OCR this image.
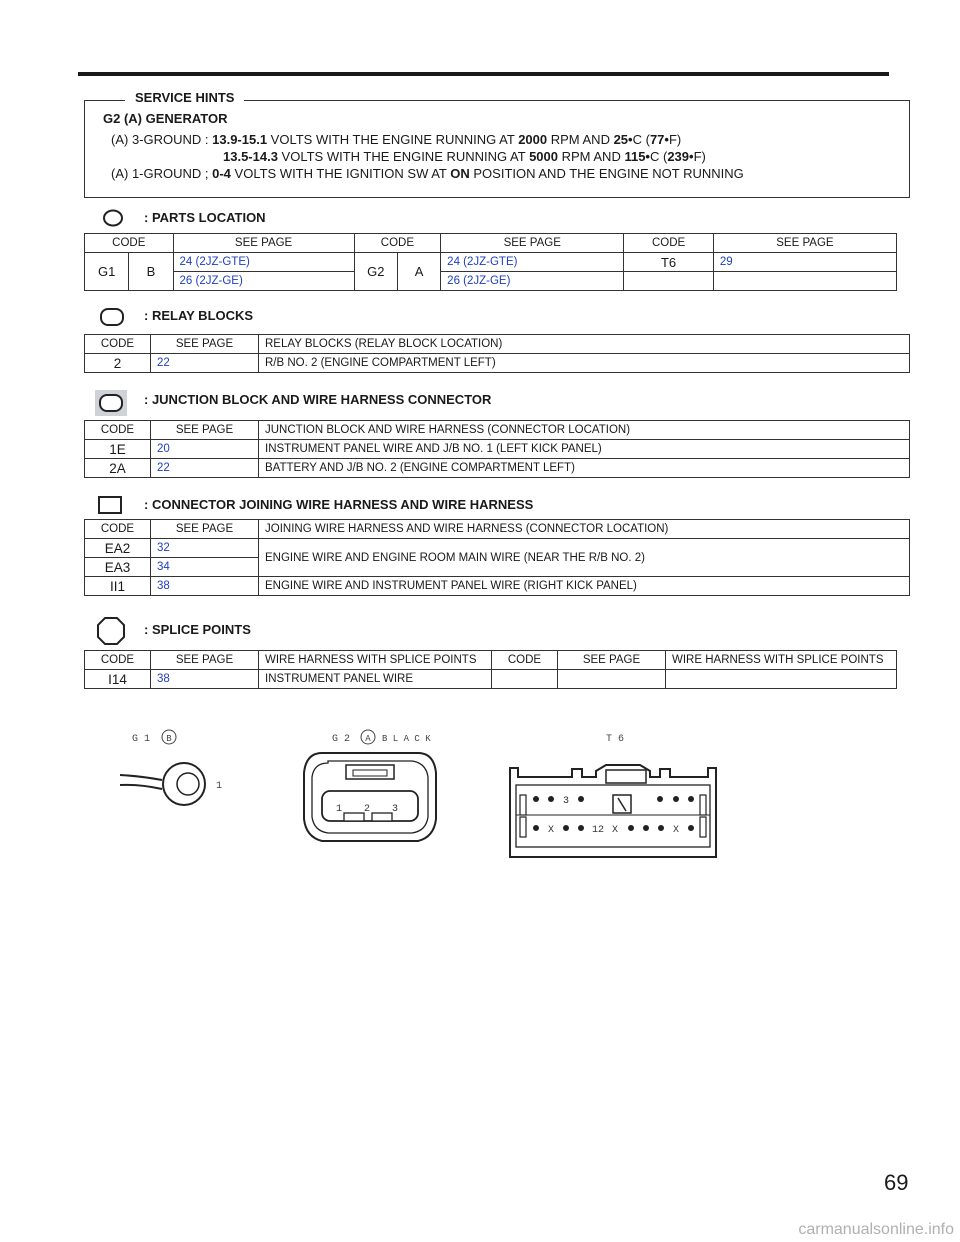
G2 (A) GENERATOR
(A) 3-GROUND : 13.9-15.1 VOLTS WITH THE ENGINE RUNNING AT 2000 RPM AND 25•C (77•F)
13.5-14.3 VOLTS WITH THE ENGINE RUNNING AT 5000 RPM AND 115•C (239•F)
(A) 1-GROUND ; 0-4 VOLTS WITH THE IGNITION SW AT ON POSITION AND THE ENGINE NOT RUNNING
SERVICE HINTS
: PARTS LOCATION
CODE		SEE PAGE	CODE		SEE PAGE	CODE	SEE PAGE
G1	B	24 (2JZ-GTE)	G2	A	24 (2JZ-GTE)	T6	29
		26 (2JZ-GE)			26 (2JZ-GE)		
: RELAY BLOCKS
CODE	SEE PAGE	RELAY BLOCKS (RELAY BLOCK LOCATION)
2	22	R/B NO. 2 (ENGINE COMPARTMENT LEFT)
: JUNCTION BLOCK AND WIRE HARNESS CONNECTOR
CODE	SEE PAGE	JUNCTION BLOCK AND WIRE HARNESS (CONNECTOR LOCATION)
1E	20	INSTRUMENT PANEL WIRE AND J/B NO. 1 (LEFT KICK PANEL)
2A	22	BATTERY AND J/B NO. 2 (ENGINE COMPARTMENT LEFT)
: CONNECTOR JOINING WIRE HARNESS AND WIRE HARNESS
CODE	SEE PAGE	JOINING WIRE HARNESS AND WIRE HARNESS (CONNECTOR LOCATION)
EA2	32	ENGINE WIRE AND ENGINE ROOM MAIN WIRE (NEAR THE R/B NO. 2)
EA3	34	
II1	38	ENGINE WIRE AND INSTRUMENT PANEL WIRE (RIGHT KICK PANEL)
: SPLICE POINTS
CODE	SEE PAGE	WIRE HARNESS WITH SPLICE POINTS	CODE	SEE PAGE	WIRE HARNESS WITH SPLICE POINTS
I14	38	INSTRUMENT PANEL WIRE			
G 1 B
1
G 2 A B L A C K
1 2 3
T 6
3
X	12 X	X
69
carmanualsonline.info
